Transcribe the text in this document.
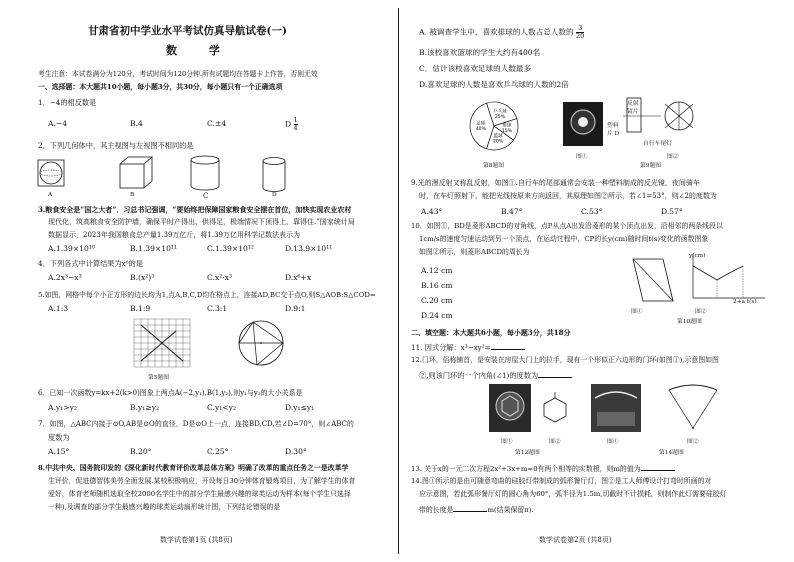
甘肃省初中学业水平考试仿真导航试卷(一)
数 学
考生注意：本试卷满分为120分，考试时间为120分钟.所有试题均在答题卡上作答，否则无效
一、选择题：本大题共10小题，每小题3分，共30分，每小题只有一个正确选项
1．−4的相反数是
A.−4	B.4	C.±4	D $\frac{1}{4}$
2．下列几何体中，其主视图与左视图不相同的是
A	B	C	D
3.粮食安全是“国之大者”．习总书记强调，“要始终把保障国家粮食安全摆在首位，加快实现农业农村
现代化，筑高粮食安全防护墙，确保平时产得出、供得足，极端情况下顶得上、靠得住.”国家统计局
数据显示，2023年我国粮食总产量1.39万亿斤，将1.39万亿用科学记数法表示为
A.1.39×10¹⁰	B.1.39×10¹¹	C.1.39×10¹²	D.13.9×10¹¹
4．下列各式中计算结果为x⁶的是
A.2x³−x³	B.(x²)³	C.x²·x³	D.x⁶+x
5.如图，网格中每个小正方形的边长均为1,点A,B,C,D均在格点上，连接AD,BC交于点O,则S△AOB:S△COD=
A.1:3	B.1:9	C.3:1	D.9:1
第5题图
6．已知一次函数y=kx+2(k>0)图象上两点A(−2,y₁),B(1,y₂),则y₁与y₂的大小关系是
A.y₁>y₂	B.y₁≥y₂	C.y₁<y₂	D.y₁≤y₁
7．如图，△ABC内接于⊙O,AB是⊙O的直径，D是⊙O上一点，连接BD,CD,若∠D=70°，则∠ABC的
度数为
A.15°	B.20°	C.25°	D.30°
8.中共中央、国务院印发的《深化新时代教育评价改革总体方案》明确了改革的重点任务之一是改革学
生评价，促进德智体美劳全面发展.某校积极响应，开设每日30分钟体育锻炼项目，为了解学生的体育
爱好，体育老师随机选取全校2000名学生中的部分学生最感兴趣的球类运动为样本(每个学生只选择
一种),及调查的部分学生最感兴趣的球类运动扇形统计图，下列结论错误的是
数学试卷第1页 (共8页)
A. 被调查学生中，喜欢排球的人数占总人数的 $\frac{3}{20}$
B.该校喜欢篮球的学生大约有400名
C．估计该校喜欢足球的人数最多
D.喜欢足球的人数是喜欢乒乓球的人数的2倍
足球
40%
乒乓球
25%
排球
15%
篮球
20%
第8题图
图①
反射
镜片
塑料
片 D
自行车尾灯
图②
第9题图
9.光的漫反射又称乱反射，如图①.自行车的尾部通常会安装一种塑料制成的反光镜，夜间骑车
时，在车灯照射下，能把光线按原来方向返回，其原理如图②所示，若∠1=53°，则∠2的度数为
A.43°	B.47°	C.53°	D.57°
10．如图①，BD是菱形ABCD的对角线，点P从点A出发沿菱形的某个顶点出发，沿相邻的两条线段以
1cm/s的速度匀速运动到另一个顶点，在运动过程中，CP的长y(cm)随时间t(s)变化的函数图象
如图②所示，则菱形ABCD的周长为
A.12 cm
B.16 cm
C.20 cm
D.24 cm
y(cm)
2+a t(s)
图①	图②
第10题图
二、填空题：本大题共6小题，每小题3分，共18分
11. 因式分解：x³−xy²=
12.门环，俗称铺首，是安装在房屋大门上的拉手，现有一个形似正六边形的门环(如图①),示意图如图
②,则该门环的一个内角(∠1)的度数为
图①	图②	图①	图②
第12题图	第14题图
13. 关于x的一元二次方程2x²+3x+m=0有两个相等的实数根，则m的值为
14.图①所示的是由可随意弯曲的硅胶灯带制成的弧形餐厅灯，图②是工人师傅设计打弯时所画的对
应示意图，若此弧形餐厅灯的圆心角为60°，弧半径为1.5m,切截时不计损耗，则制作此灯需要硅胶灯
带的长度是	m(结果保留π).
数学试卷第2页 (共8页)
